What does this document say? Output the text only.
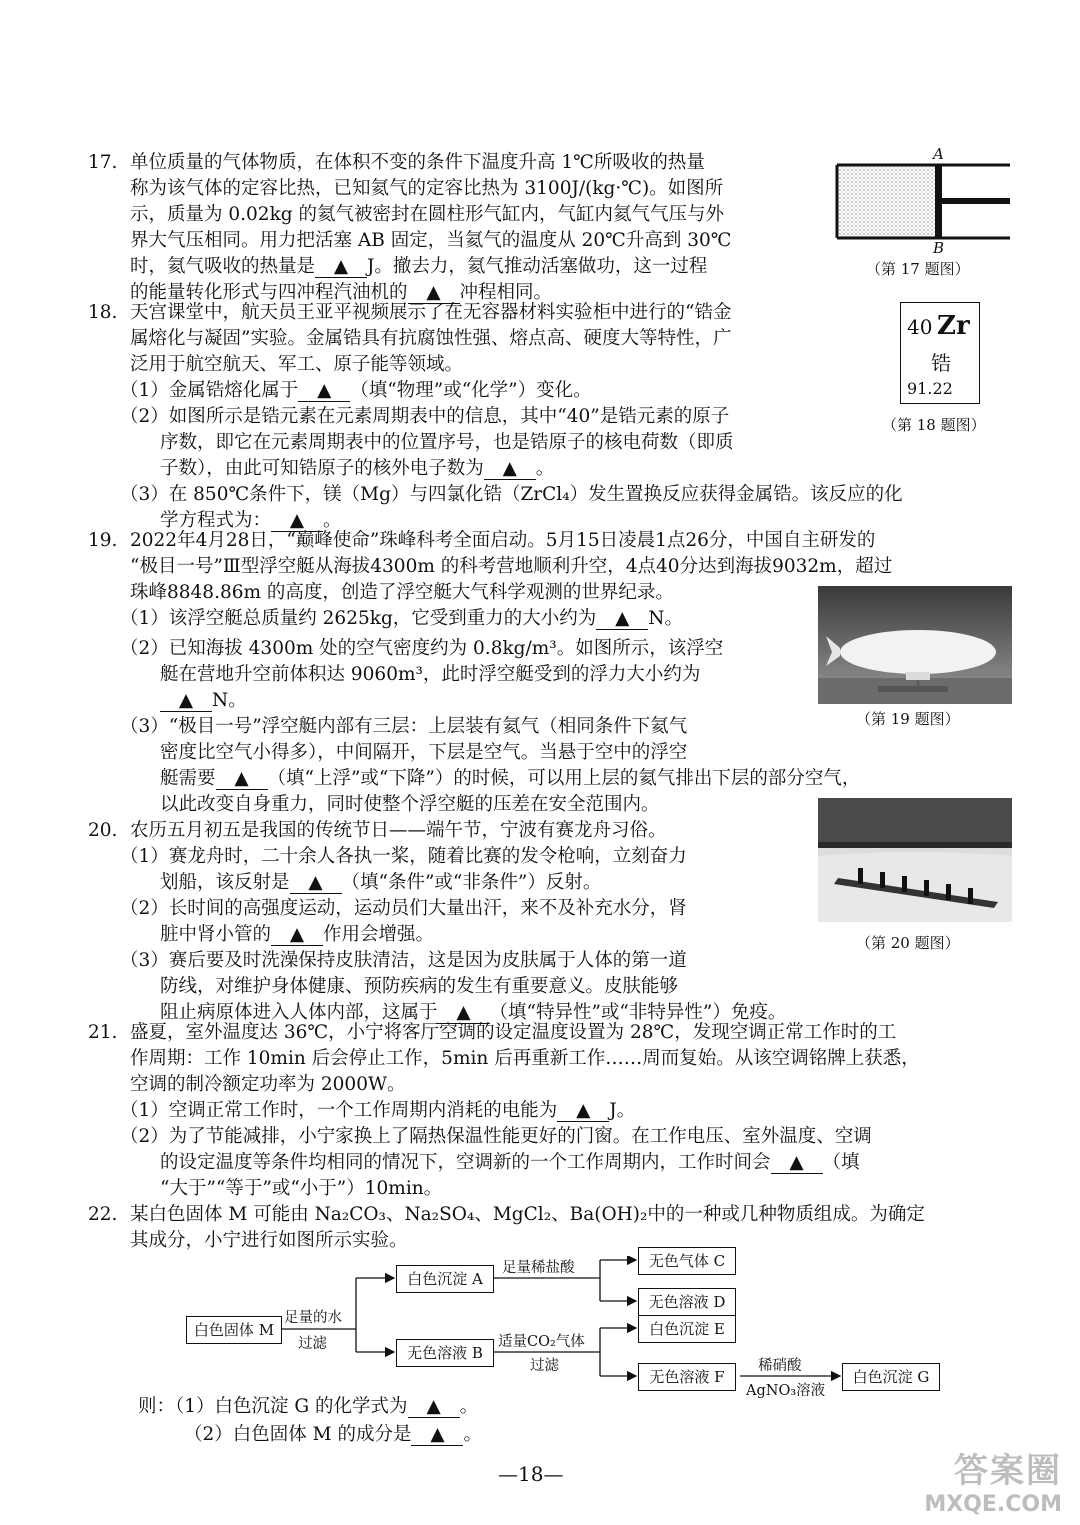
17. 单位质量的气体物质，在体积不变的条件下温度升高 1℃所吸收的热量
称为该气体的定容比热，已知氦气的定容比热为 3100J/(kg·℃)。如图所
示，质量为 0.02kg 的氦气被密封在圆柱形气缸内，气缸内氦气气压与外
界大气压相同。用力把活塞 AB 固定，当氦气的温度从 20℃升高到 30℃
时，氦气吸收的热量是 ▲ J。撤去力，氦气推动活塞做功，这一过程
的能量转化形式与四冲程汽油机的 ▲ 冲程相同。
A
B
（第 17 题图）
18. 天宫课堂中，航天员王亚平视频展示了在无容器材料实验柜中进行的“锆金
属熔化与凝固”实验。金属锆具有抗腐蚀性强、熔点高、硬度大等特性，广
泛用于航空航天、军工、原子能等领域。
（1）金属锆熔化属于 ▲ （填“物理”或“化学”）变化。
（2）如图所示是锆元素在元素周期表中的信息，其中“40”是锆元素的原子
序数，即它在元素周期表中的位置序号，也是锆原子的核电荷数（即质
子数），由此可知锆原子的核外电子数为 ▲ 。
（3）在 850℃条件下，镁（Mg）与四氯化锆（ZrCl₄）发生置换反应获得金属锆。该反应的化
学方程式为： ▲ 。
40 Zr
锆
91.22
（第 18 题图）
19. 2022年4月28日，“巅峰使命”珠峰科考全面启动。5月15日凌晨1点26分，中国自主研发的
“极目一号”Ⅲ型浮空艇从海拔4300m 的科考营地顺利升空，4点40分达到海拔9032m，超过
珠峰8848.86m 的高度，创造了浮空艇大气科学观测的世界纪录。
（1）该浮空艇总质量约 2625kg，它受到重力的大小约为 ▲ N。
（2）已知海拔 4300m 处的空气密度约为 0.8kg/m³。如图所示，该浮空
艇在营地升空前体积达 9060m³，此时浮空艇受到的浮力大小约为
▲ N。
（3）“极目一号”浮空艇内部有三层：上层装有氦气（相同条件下氦气
密度比空气小得多），中间隔开，下层是空气。当悬于空中的浮空
艇需要 ▲ （填“上浮”或“下降”）的时候，可以用上层的氦气排出下层的部分空气，
以此改变自身重力，同时使整个浮空艇的压差在安全范围内。
（第 19 题图）
20. 农历五月初五是我国的传统节日——端午节，宁波有赛龙舟习俗。
（1）赛龙舟时，二十余人各执一桨，随着比赛的发令枪响，立刻奋力
划船，该反射是 ▲ （填“条件”或“非条件”）反射。
（2）长时间的高强度运动，运动员们大量出汗，来不及补充水分，肾
脏中肾小管的 ▲ 作用会增强。
（3）赛后要及时洗澡保持皮肤清洁，这是因为皮肤属于人体的第一道
防线，对维护身体健康、预防疾病的发生有重要意义。皮肤能够
阻止病原体进入人体内部，这属于 ▲ （填“特异性”或“非特异性”）免疫。
（第 20 题图）
21. 盛夏，室外温度达 36℃，小宁将客厅空调的设定温度设置为 28℃，发现空调正常工作时的工
作周期：工作 10min 后会停止工作，5min 后再重新工作……周而复始。从该空调铭牌上获悉，
空调的制冷额定功率为 2000W。
（1）空调正常工作时，一个工作周期内消耗的电能为 ▲ J。
（2）为了节能减排，小宁家换上了隔热保温性能更好的门窗。在工作电压、室外温度、空调
的设定温度等条件均相同的情况下，空调新的一个工作周期内，工作时间会 ▲ （填
“大于”“等于”或“小于”）10min。
22. 某白色固体 M 可能由 Na₂CO₃、Na₂SO₄、MgCl₂、Ba(OH)₂中的一种或几种物质组成。为确定
其成分，小宁进行如图所示实验。
白色固体 M
白色沉淀 A
无色溶液 B
无色气体 C
无色溶液 D
白色沉淀 E
无色溶液 F	白色沉淀 G
足量的水
过滤
足量稀盐酸
适量CO₂气体
过滤	稀硝酸
AgNO₃溶液
则：（1）白色沉淀 G 的化学式为 ▲ 。
（2）白色固体 M 的成分是 ▲ 。
—18—	答案圈
MXQE.COM
